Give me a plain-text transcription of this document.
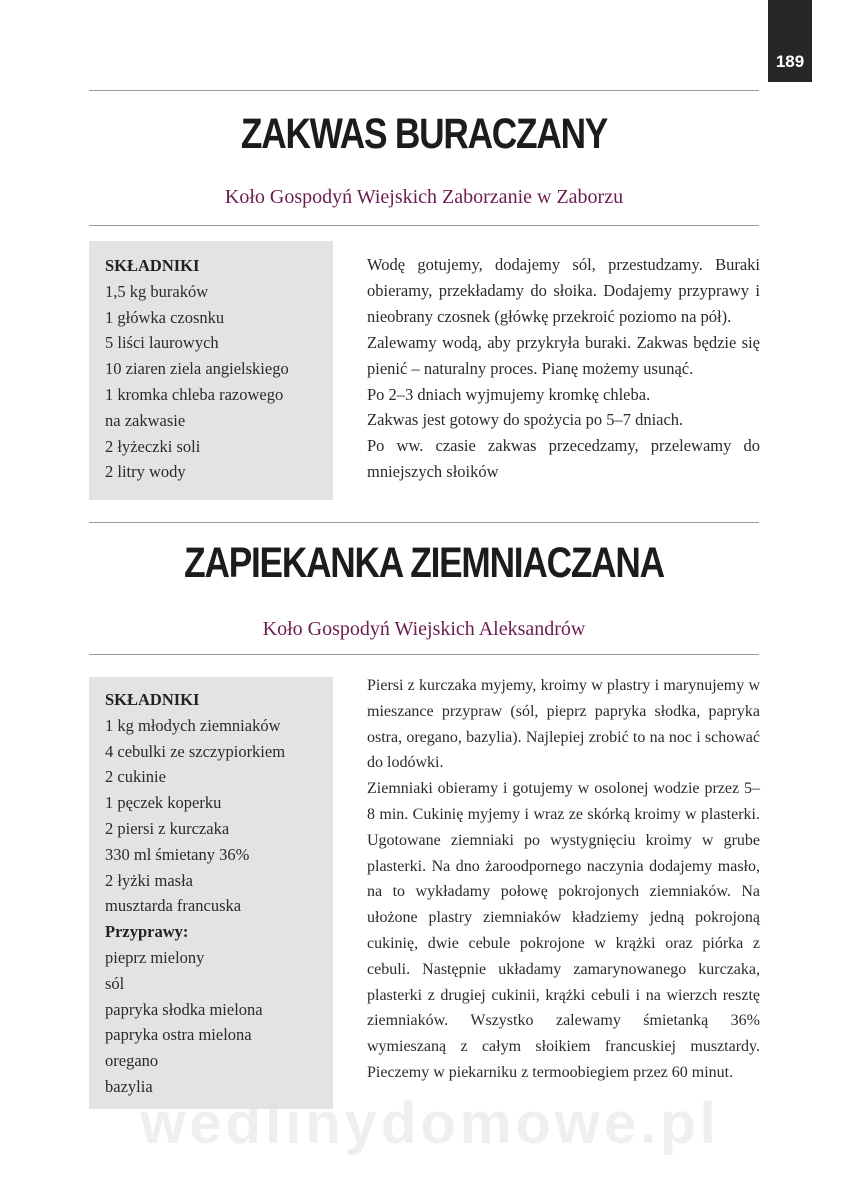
189
ZAKWAS BURACZANY
Koło Gospodyń Wiejskich Zaborzanie w Zaborzu
SKŁADNIKI
1,5 kg buraków
1 główka czosnku
5 liści laurowych
10 ziaren ziela angielskiego
1 kromka chleba razowego
na zakwasie
2 łyżeczki soli
2 litry wody

Wodę gotujemy, dodajemy sól, przestudzamy. Buraki obieramy, przekładamy do słoika. Dodajemy przyprawy i nieobrany czosnek (główkę przekroić poziomo na pół).

Zalewamy wodą, aby przykryła buraki. Zakwas będzie się pienić – naturalny proces. Pianę możemy usunąć.

Po 2–3 dniach wyjmujemy kromkę chleba.

Zakwas jest gotowy do spożycia po 5–7 dniach.

Po ww. czasie zakwas przecedzamy, przelewamy do mniejszych słoików

ZAPIEKANKA ZIEMNIACZANA
Koło Gospodyń Wiejskich Aleksandrów
SKŁADNIKI
1 kg młodych ziemniaków
4 cebulki ze szczypiorkiem
2 cukinie
1 pęczek koperku
2 piersi z kurczaka
330 ml śmietany 36%
2 łyżki masła
musztarda francuska
Przyprawy:
pieprz mielony
sól
papryka słodka mielona
papryka ostra mielona
oregano
bazylia

Piersi z kurczaka myjemy, kroimy w plastry i marynujemy w mieszance przypraw (sól, pieprz papryka słodka, papryka ostra, oregano, bazylia). Najlepiej zrobić to na noc i schować do lodówki.

Ziemniaki obieramy i gotujemy w osolonej wodzie przez 5–8 min. Cukinię myjemy i wraz ze skórką kroimy w plasterki. Ugotowane ziemniaki po wystygnięciu kroimy w grube plasterki. Na dno żaroodpornego naczynia dodajemy masło, na to wykładamy połowę pokrojonych ziemniaków. Na ułożone plastry ziemniaków kładziemy jedną pokrojoną cukinię, dwie cebule pokrojone w krążki oraz piórka z cebuli. Następnie układamy zamarynowanego kurczaka, plasterki z drugiej cukinii, krążki cebuli i na wierzch resztę ziemniaków. Wszystko zalewamy śmietanką 36% wymieszaną z całym słoikiem francuskiej musztardy. Pieczemy w piekarniku z termoobiegiem przez 60 minut.

wedlinydomowe.pl
